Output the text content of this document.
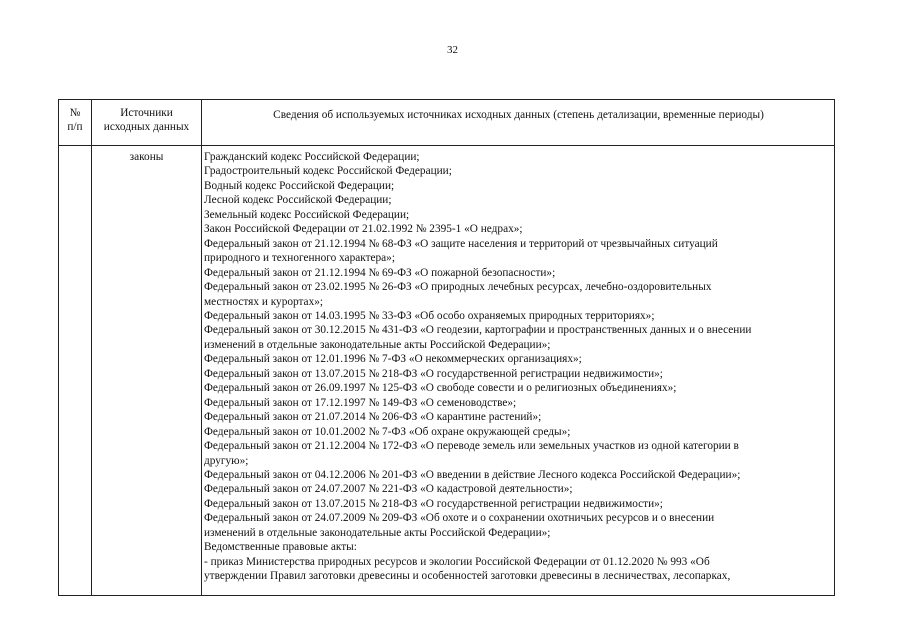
32
№
п/п
Источники
исходных данных
Сведения об используемых источниках исходных данных (степень детализации, временные периоды)
законы	Гражданский кодекс Российской Федерации;
Градостроительный кодекс Российской Федерации;
Водный кодекс Российской Федерации;
Лесной кодекс Российской Федерации;
Земельный кодекс Российской Федерации;
Закон Российской Федерации от 21.02.1992 № 2395-1 «О недрах»;
Федеральный закон от 21.12.1994 № 68-ФЗ «О защите населения и территорий от чрезвычайных ситуаций
природного и техногенного характера»;
Федеральный закон от 21.12.1994 № 69-ФЗ «О пожарной безопасности»;
Федеральный закон от 23.02.1995 № 26-ФЗ «О природных лечебных ресурсах, лечебно-оздоровительных
местностях и курортах»;
Федеральный закон от 14.03.1995 № 33-ФЗ «Об особо охраняемых природных территориях»;
Федеральный закон от 30.12.2015 № 431-ФЗ «О геодезии, картографии и пространственных данных и о внесении
изменений в отдельные законодательные акты Российской Федерации»;
Федеральный закон от 12.01.1996 № 7-ФЗ «О некоммерческих организациях»;
Федеральный закон от 13.07.2015 № 218-ФЗ «О государственной регистрации недвижимости»;
Федеральный закон от 26.09.1997 № 125-ФЗ «О свободе совести и о религиозных объединениях»;
Федеральный закон от 17.12.1997 № 149-ФЗ «О семеноводстве»;
Федеральный закон от 21.07.2014 № 206-ФЗ «О карантине растений»;
Федеральный закон от 10.01.2002 № 7-ФЗ «Об охране окружающей среды»;
Федеральный закон от 21.12.2004 № 172-ФЗ «О переводе земель или земельных участков из одной категории в
другую»;
Федеральный закон от 04.12.2006 № 201-ФЗ «О введении в действие Лесного кодекса Российской Федерации»;
Федеральный закон от 24.07.2007 № 221-ФЗ «О кадастровой деятельности»;
Федеральный закон от 13.07.2015 № 218-ФЗ «О государственной регистрации недвижимости»;
Федеральный закон от 24.07.2009 № 209-ФЗ «Об охоте и о сохранении охотничьих ресурсов и о внесении
изменений в отдельные законодательные акты Российской Федерации»;
Ведомственные правовые акты:
- приказ Министерства природных ресурсов и экологии Российской Федерации от 01.12.2020 № 993 «Об
утверждении Правил заготовки древесины и особенностей заготовки древесины в лесничествах, лесопарках,
